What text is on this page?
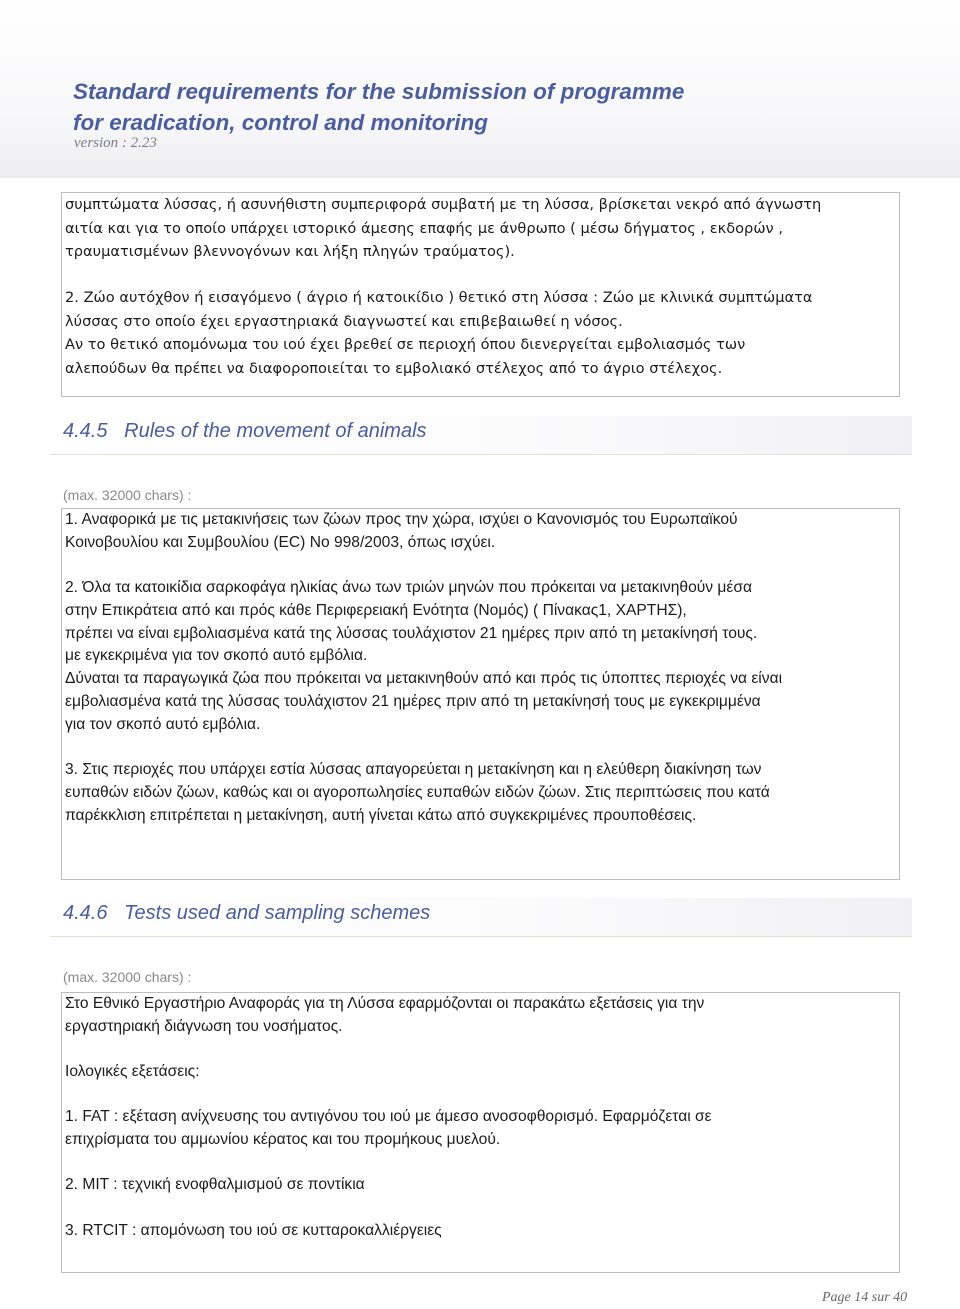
Standard requirements for the submission of programme
for eradication, control and monitoring
version : 2.23

συμπτώματα λύσσας, ή ασυνήθιστη συμπεριφορά συμβατή με τη λύσσα, βρίσκεται νεκρό από άγνωστη

αιτία και για το οποίο υπάρχει ιστορικό άμεσης επαφής με άνθρωπο ( μέσω δήγματος , εκδορών ,

τραυματισμένων βλεννογόνων και λήξη πληγών τραύματος).

2. Ζώο αυτόχθον ή εισαγόμενο ( άγριο ή κατοικίδιο ) θετικό στη λύσσα : Ζώο με κλινικά συμπτώματα

λύσσας στο οποίο έχει εργαστηριακά διαγνωστεί και επιβεβαιωθεί η νόσος.

Αν το θετικό απομόνωμα του ιού έχει βρεθεί σε περιοχή όπου διενεργείται εμβολιασμός των

αλεπούδων θα πρέπει να διαφοροποιείται το εμβολιακό στέλεχος από το άγριο στέλεχος.

4.4.5 Rules of the movement of animals
(max. 32000 chars) :

1. Αναφορικά με τις μετακινήσεις των ζώων προς την χώρα, ισχύει ο Κανονισμός του Ευρωπαϊκού

Κοινοβουλίου και Συμβουλίου (EC) Nο 998/2003, όπως ισχύει.

2. Όλα τα κατοικίδια σαρκοφάγα ηλικίας άνω των τριών μηνών που πρόκειται να μετακινηθούν μέσα

στην Επικράτεια από και πρός κάθε Περιφερειακή Ενότητα (Νομός) ( Πίνακας1, ΧΑΡΤΗΣ),

πρέπει να είναι εμβολιασμένα κατά της λύσσας τουλάχιστον 21 ημέρες πριν από τη μετακίνησή τους.

με εγκεκριμένα για τον σκοπό αυτό εμβόλια.

Δύναται τα παραγωγικά ζώα που πρόκειται να μετακινηθούν από και πρός τις ύποπτες περιοχές να είναι

εμβολιασμένα κατά της λύσσας τουλάχιστον 21 ημέρες πριν από τη μετακίνησή τους με εγκεκριμμένα

για τον σκοπό αυτό εμβόλια.

3. Στις περιοχές που υπάρχει εστία λύσσας απαγορεύεται η μετακίνηση και η ελεύθερη διακίνηση των

ευπαθών ειδών ζώων, καθώς και οι αγοροπωλησίες ευπαθών ειδών ζώων. Στις περιπτώσεις που κατά

παρέκκλιση επιτρέπεται η μετακίνηση, αυτή γίνεται κάτω από συγκεκριμένες προυποθέσεις.

4.4.6 Tests used and sampling schemes
(max. 32000 chars) :

Στο Εθνικό Εργαστήριο Αναφοράς για τη Λύσσα εφαρμόζονται οι παρακάτω εξετάσεις για την

εργαστηριακή διάγνωση του νοσήματος.

Ιολογικές εξετάσεις:

1. FAT : εξέταση ανίχνευσης του αντιγόνου του ιού με άμεσο ανοσοφθορισμό. Εφαρμόζεται σε

επιχρίσματα του αμμωνίου κέρατος και του προμήκους μυελού.

2. MIT : τεχνική ενοφθαλμισμού σε ποντίκια

3. RTCIT : απομόνωση του ιού σε κυτταροκαλλιέργειες

Page 14 sur 40
